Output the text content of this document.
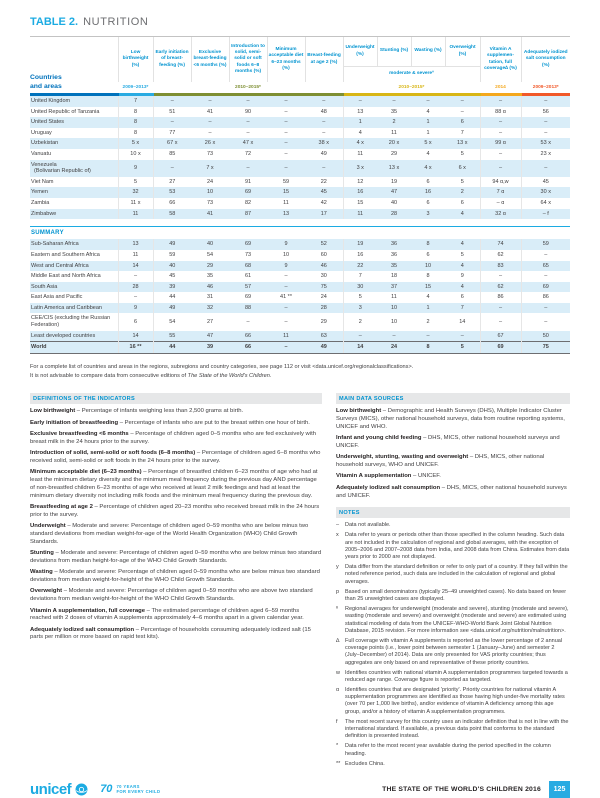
TABLE 2. NUTRITION
Countries
and areas	Low birthweight (%)	Early initiation of breast-feeding (%)	Exclusive breast-feeding <6 months (%)	Introduction to solid, semi-solid or soft foods 6–8 months (%)	Minimum acceptable diet 6–23 months (%)	Breast-feeding at age 2 (%)	Underweight (%)	Stunting (%)	Wasting (%)	Overweight (%)	Vitamin A supplemen-tation, full coverage∆ (%)	Adequately iodized salt consumption (%)
							moderate & severeº					
	2009–2013*	2010–2015*					2010–2015*				2014	2009–2013*
United Kingdom	7	–	–	–	–	–	–	–	–	–	–	–
United Republic of Tanzania	8	51	41	90	–	48	13	35	4	–	88 ɑ	56
United States	8	–	–	–	–	–	1	2	1	6	–	–
Uruguay	8	77	–	–	–	–	4	11	1	7	–	–
Uzbekistan	5 x	67 x	26 x	47 x	–	38 x	4 x	20 x	5 x	13 x	99 ɑ	53 x
Vanuatu	10 x	85	73	72	–	49	11	29	4	5	–	23 x
Venezuela
(Bolivarian Republic of)	9	–	7 x	–	–	–	3 x	13 x	4 x	6 x	–	–
Viet Nam	5	27	24	91	59	22	12	19	6	5	94 ɑ,w	45
Yemen	32	53	10	69	15	45	16	47	16	2	7 ɑ	30 x
Zambia	11 x	66	73	82	11	42	15	40	6	6	– ɑ	64 x
Zimbabwe	11	58	41	87	13	17	11	28	3	4	32 ɑ	– f

SUMMARY												
Sub-Saharan Africa	13	49	40	69	9	52	19	36	8	4	74	59
Eastern and Southern Africa	11	59	54	73	10	60	16	36	6	5	62	–
West and Central Africa	14	40	29	68	9	46	22	35	10	4	83	65
Middle East and North Africa	–	45	35	61	–	30	7	18	8	9	–	–
South Asia	28	39	46	57	–	75	30	37	15	4	62	69
East Asia and Pacific	–	44	31	69	41 **	24	5	11	4	6	86	86
Latin America and Caribbean	9	49	32	88	–	28	3	10	1	7	–	–
CEE/CIS (excluding the Russian Federation)	6	54	27	–	–	29	2	10	2	14	–	–
Least developed countries	14	55	47	66	11	63	–	–	–	–	67	50
World	16 **	44	39	66	–	49	14	24	8	5	69	75
For a complete list of countries and areas in the regions, subregions and country categories, see page 112 or visit <data.unicef.org/regionalclassifications>.
It is not advisable to compare data from consecutive editions of The State of the World's Children.
DEFINITIONS OF THE INDICATORS

Low birthweight – Percentage of infants weighing less than 2,500 grams at birth.

Early initiation of breastfeeding – Percentage of infants who are put to the breast within one hour of birth.

Exclusive breastfeeding <6 months – Percentage of children aged 0–5 months who are fed exclusively with breast milk in the 24 hours prior to the survey.

Introduction of solid, semi-solid or soft foods (6–8 months) – Percentage of children aged 6–8 months who received solid, semi-solid or soft foods in the 24 hours prior to the survey.

Minimum acceptable diet (6–23 months) – Percentage of breastfed children 6–23 months of age who had at least the minimum dietary diversity and the minimum meal frequency during the previous day AND percentage of non-breastfed children 6–23 months of age who received at least 2 milk feedings and had at least the minimum dietary diversity not including milk foods and the minimum meal frequency during the previous day.

Breastfeeding at age 2 – Percentage of children aged 20–23 months who received breast milk in the 24 hours prior to the survey.

Underweight – Moderate and severe: Percentage of children aged 0–59 months who are below minus two standard deviations from median weight-for-age of the World Health Organization (WHO) Child Growth Standards.

Stunting – Moderate and severe: Percentage of children aged 0–59 months who are below minus two standard deviations from median height-for-age of the WHO Child Growth Standards.

Wasting – Moderate and severe: Percentage of children aged 0–59 months who are below minus two standard deviations from median weight-for-height of the WHO Child Growth Standards.

Overweight – Moderate and severe: Percentage of children aged 0–59 months who are above two standard deviations from median weight-for-height of the WHO Child Growth Standards.

Vitamin A supplementation, full coverage – The estimated percentage of children aged 6–59 months reached with 2 doses of vitamin A supplements approximately 4–6 months apart in a given calendar year.

Adequately iodized salt consumption – Percentage of households consuming adequately iodized salt (15 parts per million or more based on rapid test kits).

MAIN DATA SOURCES

Low birthweight – Demographic and Health Surveys (DHS), Multiple Indicator Cluster Surveys (MICS), other national household surveys, data from routine reporting systems, UNICEF and WHO.

Infant and young child feeding – DHS, MICS, other national household surveys and UNICEF.

Underweight, stunting, wasting and overweight – DHS, MICS, other national household surveys, WHO and UNICEF.

Vitamin A supplementation – UNICEF.

Adequately iodized salt consumption – DHS, MICS, other national household surveys and UNICEF.

NOTES
–	Data not available.
x	Data refer to years or periods other than those specified in the column heading. Such data are not included in the calculation of regional and global averages, with the exception of 2005–2006 and 2007–2008 data from India, and 2008 data from China. Estimates from data years prior to 2000 are not displayed.
y	Data differ from the standard definition or refer to only part of a country. If they fall within the noted reference period, such data are included in the calculation of regional and global averages.
p	Based on small denominators (typically 25–49 unweighted cases). No data based on fewer than 25 unweighted cases are displayed.
º	Regional averages for underweight (moderate and severe), stunting (moderate and severe), wasting (moderate and severe) and overweight (moderate and severe) are estimated using statistical modeling of data from the UNICEF-WHO-World Bank Joint Global Nutrition Database, 2015 revision. For more information see <data.unicef.org/nutrition/malnutrition>.
∆	Full coverage with vitamin A supplements is reported as the lower percentage of 2 annual coverage points (i.e., lower point between semester 1 (January–June) and semester 2 (July–December) of 2014). Data are only presented for VAS priority countries; thus aggregates are only based on and representative of these priority countries.
w Identifies countries with national vitamin A supplementation programmes targeted towards a reduced age range. Coverage figure is reported as targeted.
ɑ	Identifies countries that are designated 'priority'. Priority countries for national vitamin A supplementation programmes are identified as those having high under-five mortality rates (over 70 per 1,000 live births), and/or evidence of vitamin A deficiency among this age group, and/or a history of vitamin A supplementation programmes.
f	The most recent survey for this country uses an indicator definition that is not in line with the international standard. If available, a previous data point that conforms to the standard definition is presented instead.
*	Data refer to the most recent year available during the period specified in the column heading.
** Excludes China.
unicef	70 70 YEARS
FOR EVERY CHILD	THE STATE OF THE WORLD'S CHILDREN 2016	125
